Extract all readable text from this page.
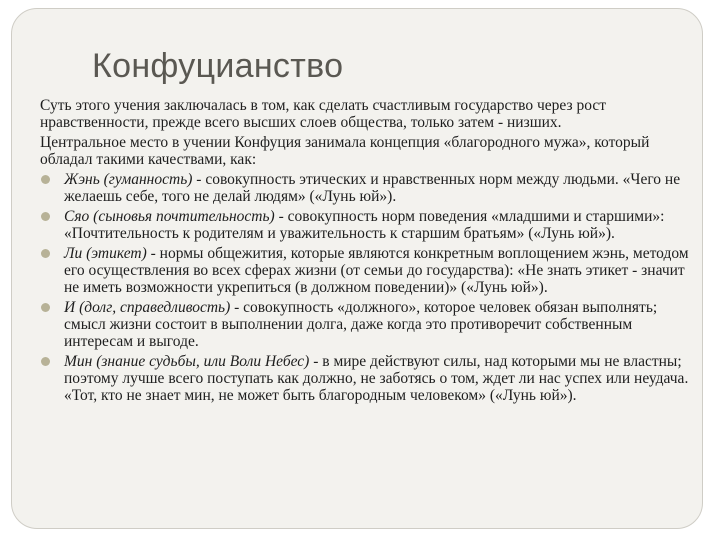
Конфуцианство

Суть этого учения заключалась в том, как сделать счастливым государство через рост нравственности, прежде всего высших слоев общества, только затем - низших.

Центральное место в учении Конфуция занимала концепция «благородного мужа», который обладал такими качествами, как:

Жэнь (гуманность) - совокупность этических и нравственных норм между людьми. «Чего не желаешь себе, того не делай людям» («Лунь юй»).
Сяо (сыновья почтительность) - совокупность норм поведения «младшими и старшими»: «Почтительность к родителям и уважительность к старшим братьям» («Лунь юй»).
Ли (этикет) - нормы общежития, которые являются конкретным воплощением жэнь, методом его осуществления во всех сферах жизни (от семьи до государства): «Не знать этикет - значит не иметь возможности укрепиться (в должном поведении)» («Лунь юй»).
И (долг, справедливость) - совокупность «должного», которое человек обязан выполнять; смысл жизни состоит в выполнении долга, даже когда это противоречит собственным интересам и выгоде.
Мин (знание судьбы, или Воли Небес) - в мире действуют силы, над которыми мы не властны; поэтому лучше всего поступать как должно, не заботясь о том, ждет ли нас успех или неудача. «Тот, кто не знает мин, не может быть благородным человеком» («Лунь юй»).
